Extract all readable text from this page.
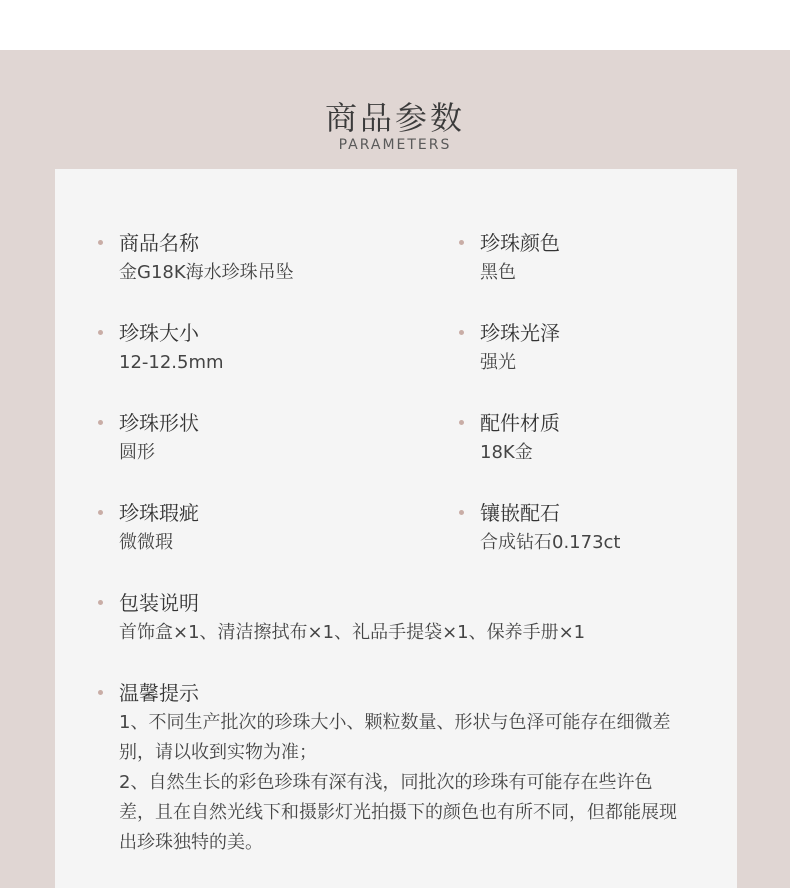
商品参数
PARAMETERS
商品名称
金G18K海水珍珠吊坠
珍珠颜色
黑色
珍珠大小
12-12.5mm
珍珠光泽
强光
珍珠形状
圆形
配件材质
18K金
珍珠瑕疵
微微瑕
镶嵌配石
合成钻石0.173ct
包装说明
首饰盒×1、清洁擦拭布×1、礼品手提袋×1、保养手册×1
温馨提示
1、不同生产批次的珍珠大小、颗粒数量、形状与色泽可能存在细微差别，请以收到实物为准；
2、自然生长的彩色珍珠有深有浅，同批次的珍珠有可能存在些许色差，且在自然光线下和摄影灯光拍摄下的颜色也有所不同，但都能展现出珍珠独特的美。
